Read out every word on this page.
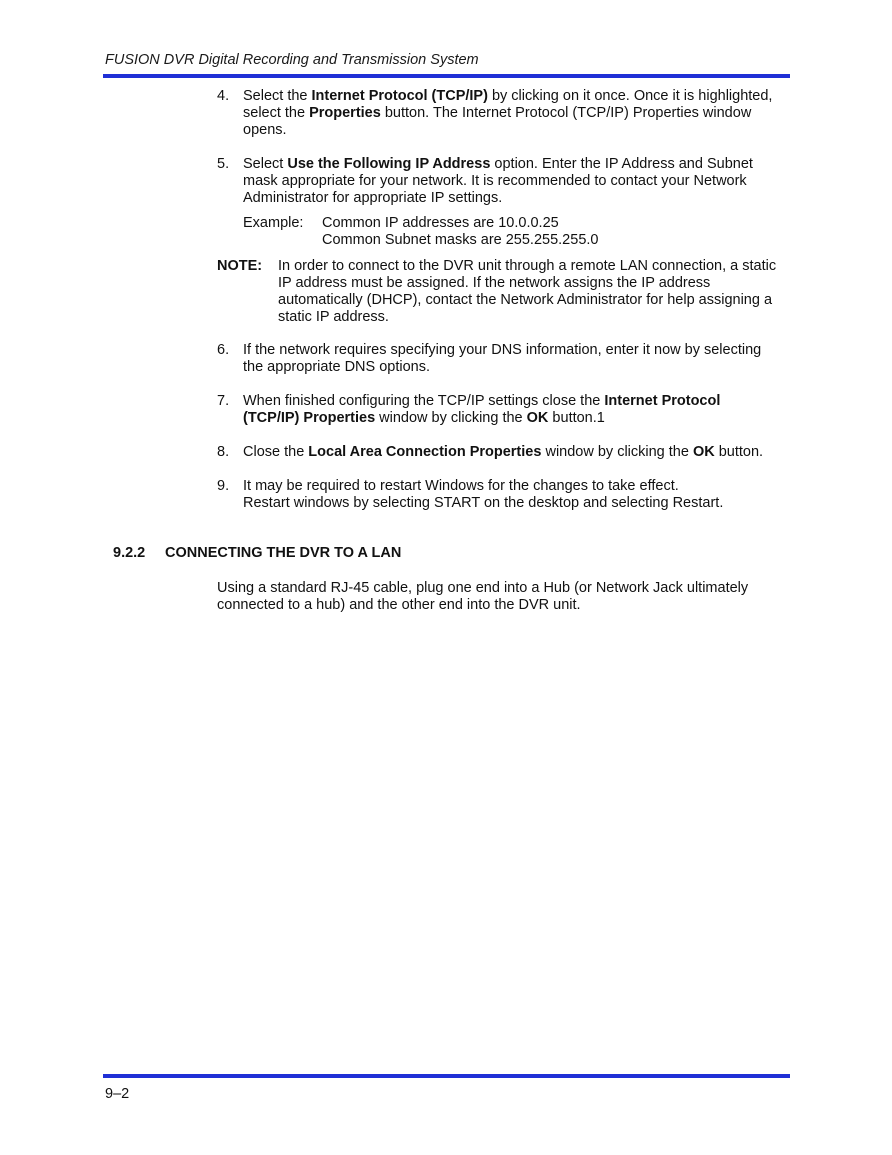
FUSION DVR Digital Recording and Transmission System
4. Select the Internet Protocol (TCP/IP) by clicking on it once. Once it is highlighted,

select the Properties button. The Internet Protocol (TCP/IP) Properties window

opens.

5. Select Use the Following IP Address option. Enter the IP Address and Subnet

mask appropriate for your network. It is recommended to contact your Network

Administrator for appropriate IP settings.

Example: Common IP addresses are 10.0.0.25
Common Subnet masks are 255.255.255.0
NOTE: In order to connect to the DVR unit through a remote LAN connection, a static
IP address must be assigned. If the network assigns the IP address
automatically (DHCP), contact the Network Administrator for help assigning a
static IP address.
6. If the network requires specifying your DNS information, enter it now by selecting

the appropriate DNS options.

7. When finished configuring the TCP/IP settings close the Internet Protocol

(TCP/IP) Properties window by clicking the OK button.1

8. Close the Local Area Connection Properties window by clicking the OK button.

9. It may be required to restart Windows for the changes to take effect.

Restart windows by selecting START on the desktop and selecting Restart.

9.2.2 CONNECTING THE DVR TO A LAN
Using a standard RJ-45 cable, plug one end into a Hub (or Network Jack ultimately
connected to a hub) and the other end into the DVR unit.
9–2
